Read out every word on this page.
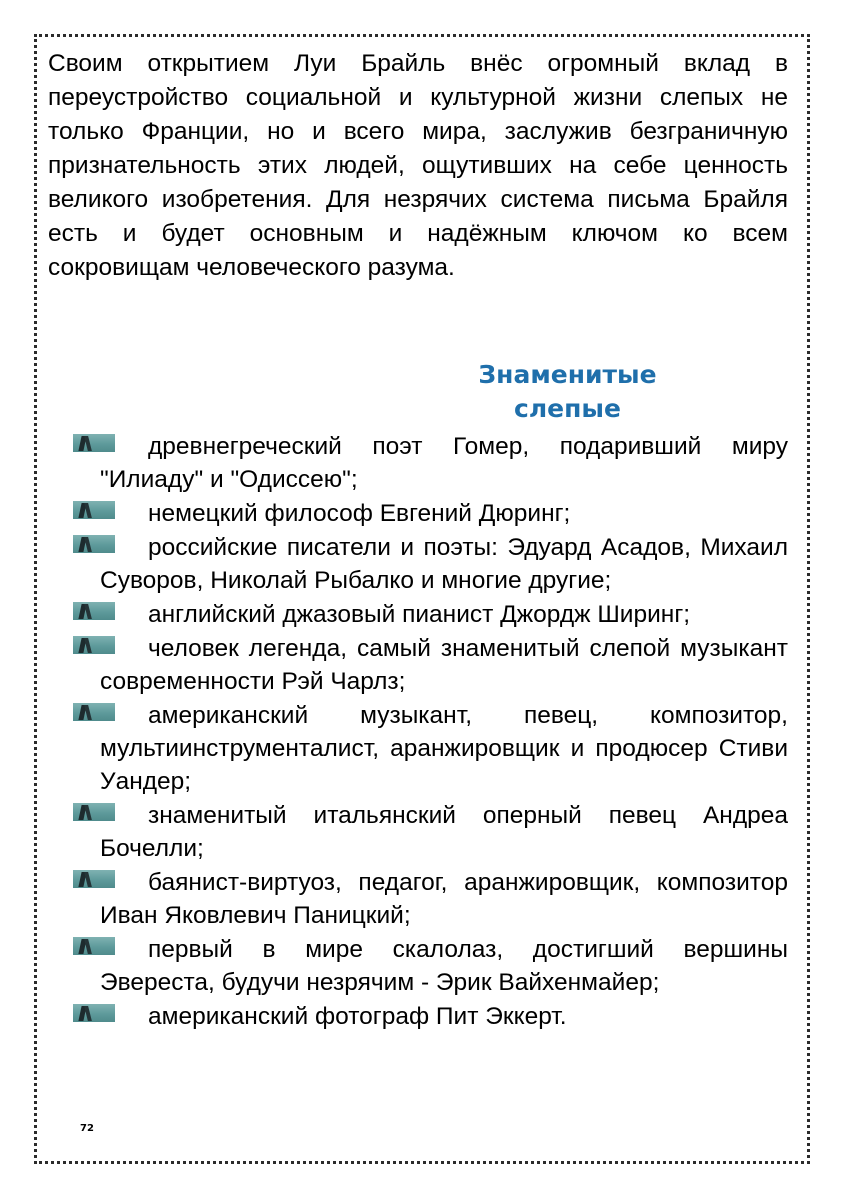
Своим открытием Луи Брайль внёс огромный вклад в переустройство социальной и культурной жизни слепых не только Франции, но и всего мира, заслужив безграничную признательность этих людей, ощутивших на себе ценность великого изобретения. Для незрячих система письма Брайля есть и будет основным и надёжным ключом ко всем сокровищам человеческого разума.

Знаменитые слепые
древнегреческий поэт Гомер, подаривший миру "Илиаду" и "Одиссею";
немецкий философ Евгений Дюринг;
российские писатели и поэты: Эдуард Асадов, Михаил Суворов, Николай Рыбалко и многие другие;
английский джазовый пианист Джордж Ширинг;
человек легенда, самый знаменитый слепой музыкант современности Рэй Чарлз;
американский музыкант, певец, композитор, мультиинструменталист, аранжировщик и продюсер Стиви Уандер;
знаменитый итальянский оперный певец Андреа Бочелли;
баянист-виртуоз, педагог, аранжировщик, композитор Иван Яковлевич Паницкий;
первый в мире скалолаз, достигший вершины Эвереста, будучи незрячим - Эрик Вайхенмайер;
американский фотограф Пит Эккерт.
72
